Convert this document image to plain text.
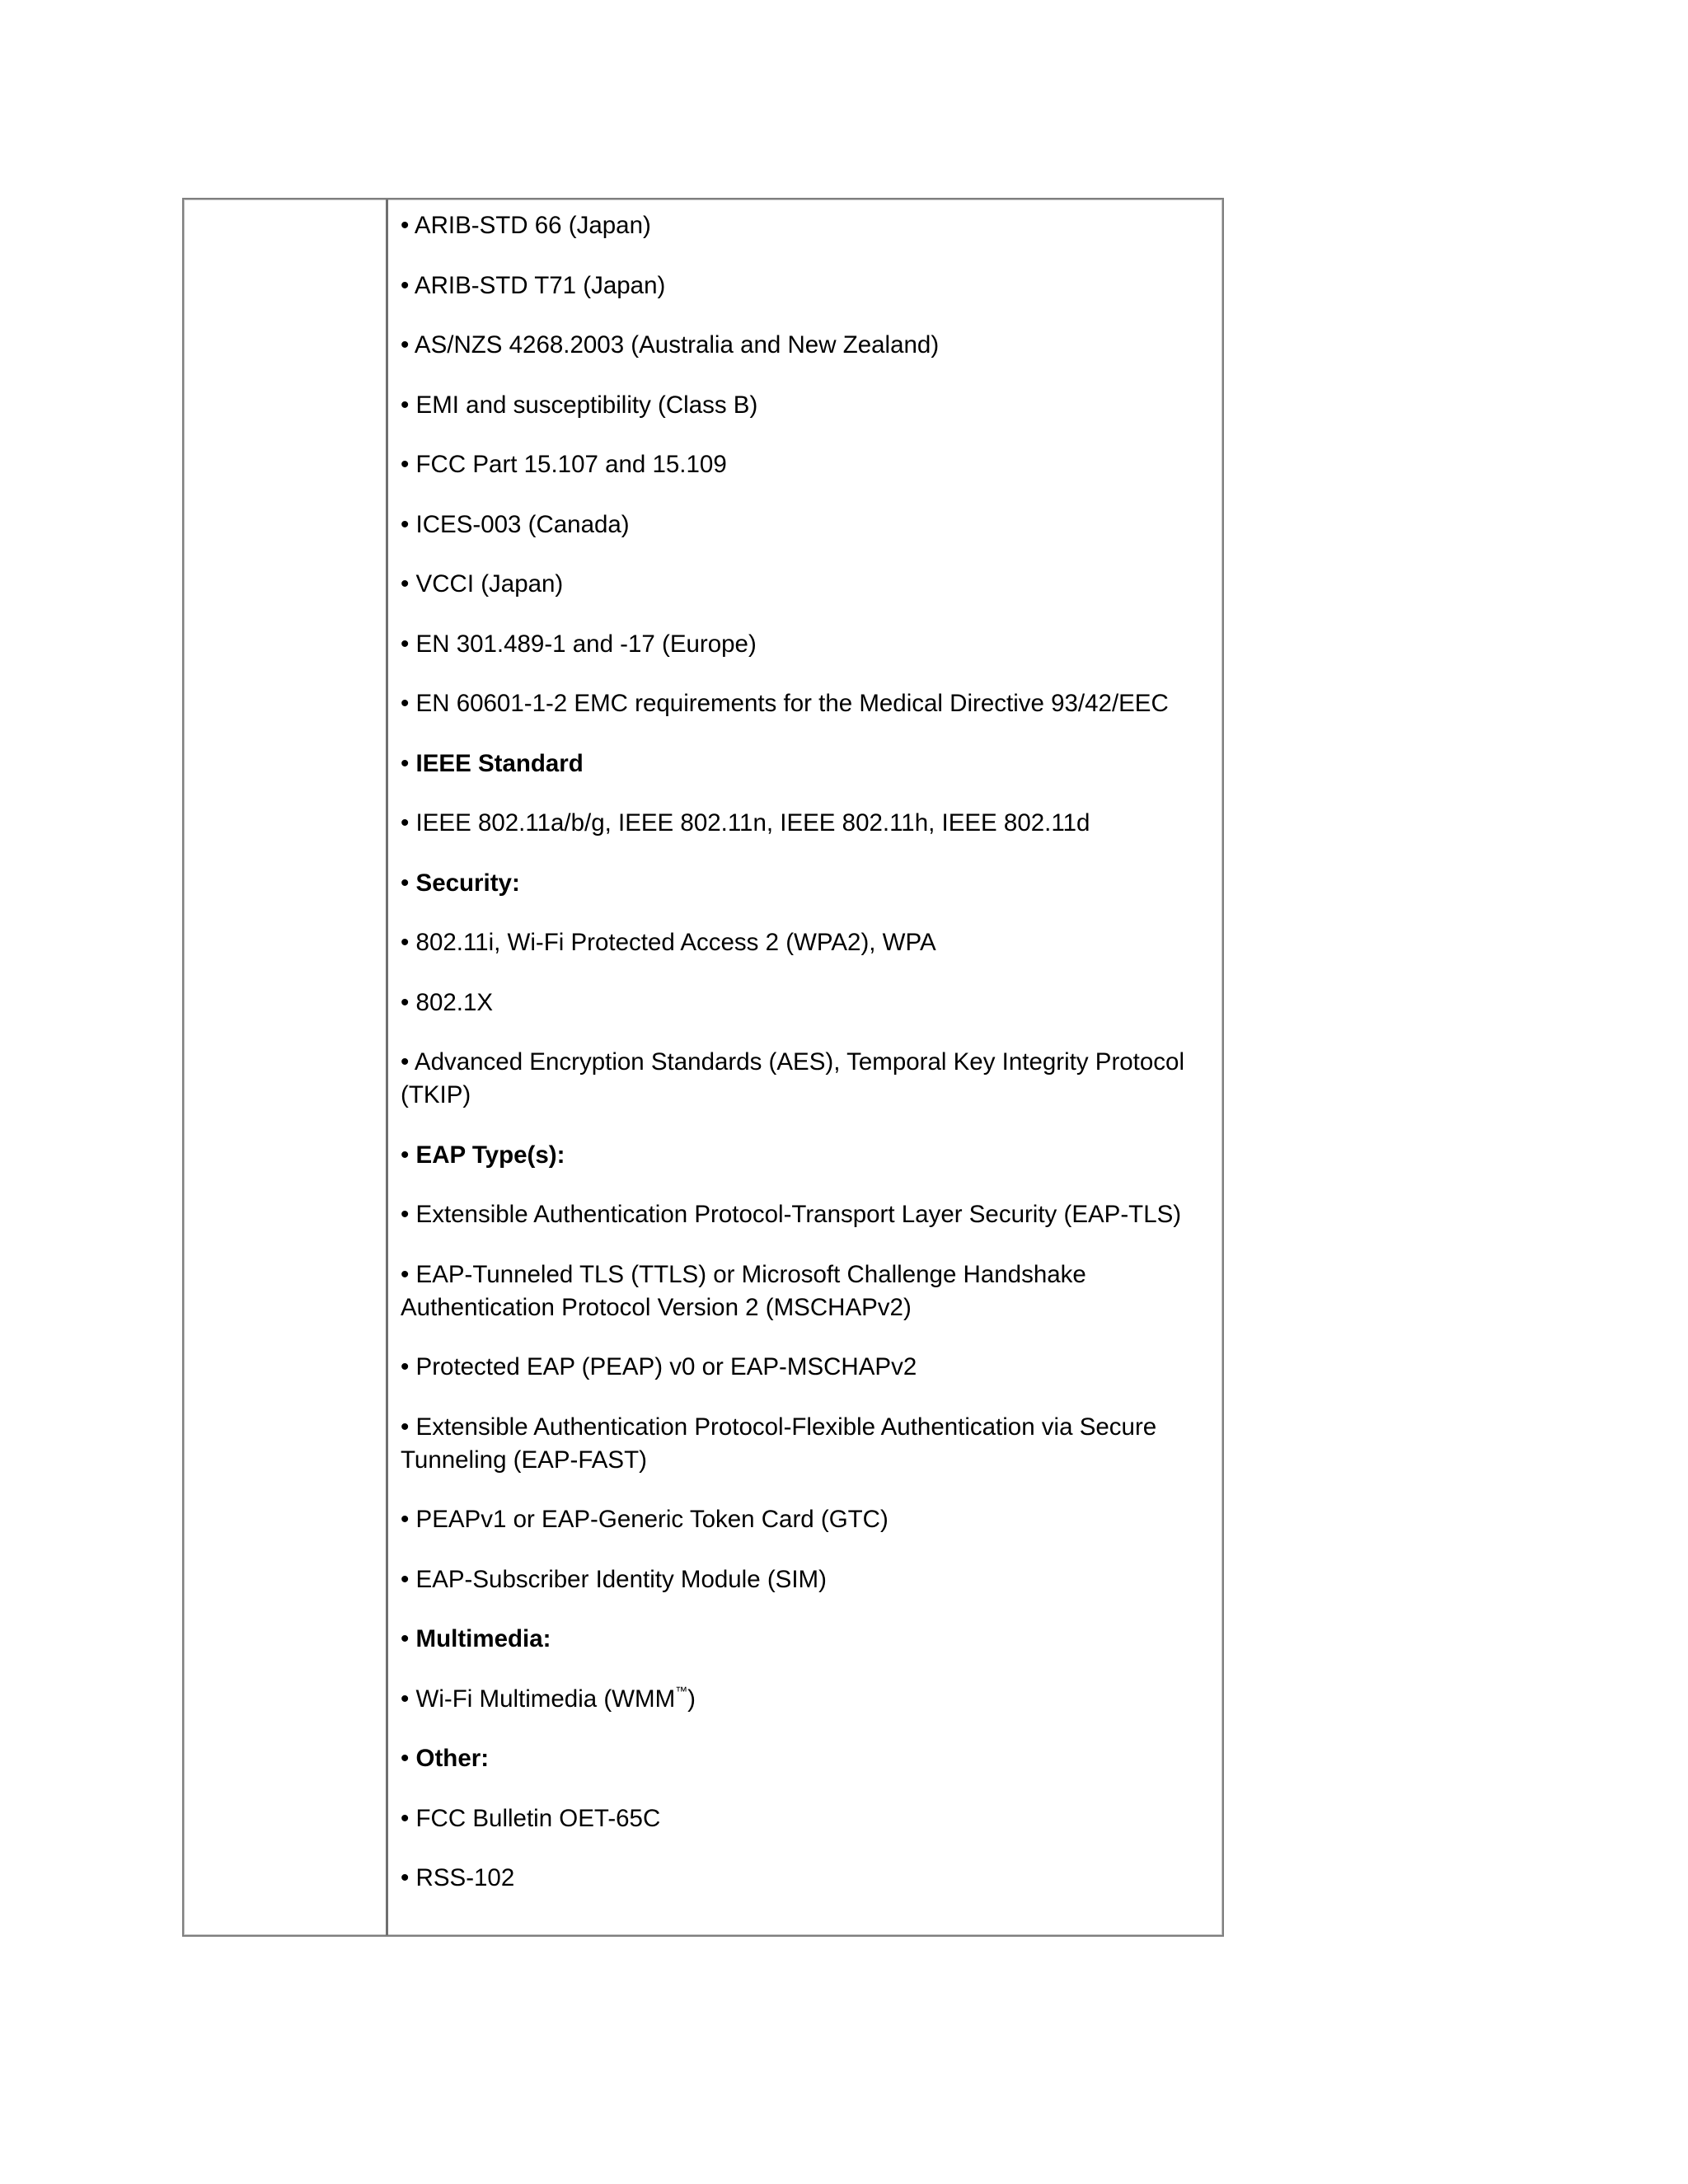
• ARIB-STD 66 (Japan)
• ARIB-STD T71 (Japan)
• AS/NZS 4268.2003 (Australia and New Zealand)
• EMI and susceptibility (Class B)
• FCC Part 15.107 and 15.109
• ICES-003 (Canada)
• VCCI (Japan)
• EN 301.489-1 and -17 (Europe)
• EN 60601-1-2 EMC requirements for the Medical Directive 93/42/EEC
• IEEE Standard
• IEEE 802.11a/b/g, IEEE 802.11n, IEEE 802.11h, IEEE 802.11d
• Security:
• 802.11i, Wi-Fi Protected Access 2 (WPA2), WPA
• 802.1X
• Advanced Encryption Standards (AES), Temporal Key Integrity Protocol (TKIP)
• EAP Type(s):
• Extensible Authentication Protocol-Transport Layer Security (EAP-TLS)
• EAP-Tunneled TLS (TTLS) or Microsoft Challenge Handshake Authentication Protocol Version 2 (MSCHAPv2)
• Protected EAP (PEAP) v0 or EAP-MSCHAPv2
• Extensible Authentication Protocol-Flexible Authentication via Secure Tunneling (EAP-FAST)
• PEAPv1 or EAP-Generic Token Card (GTC)
• EAP-Subscriber Identity Module (SIM)
• Multimedia:
• Wi-Fi Multimedia (WMM™)
• Other:
• FCC Bulletin OET-65C
• RSS-102
